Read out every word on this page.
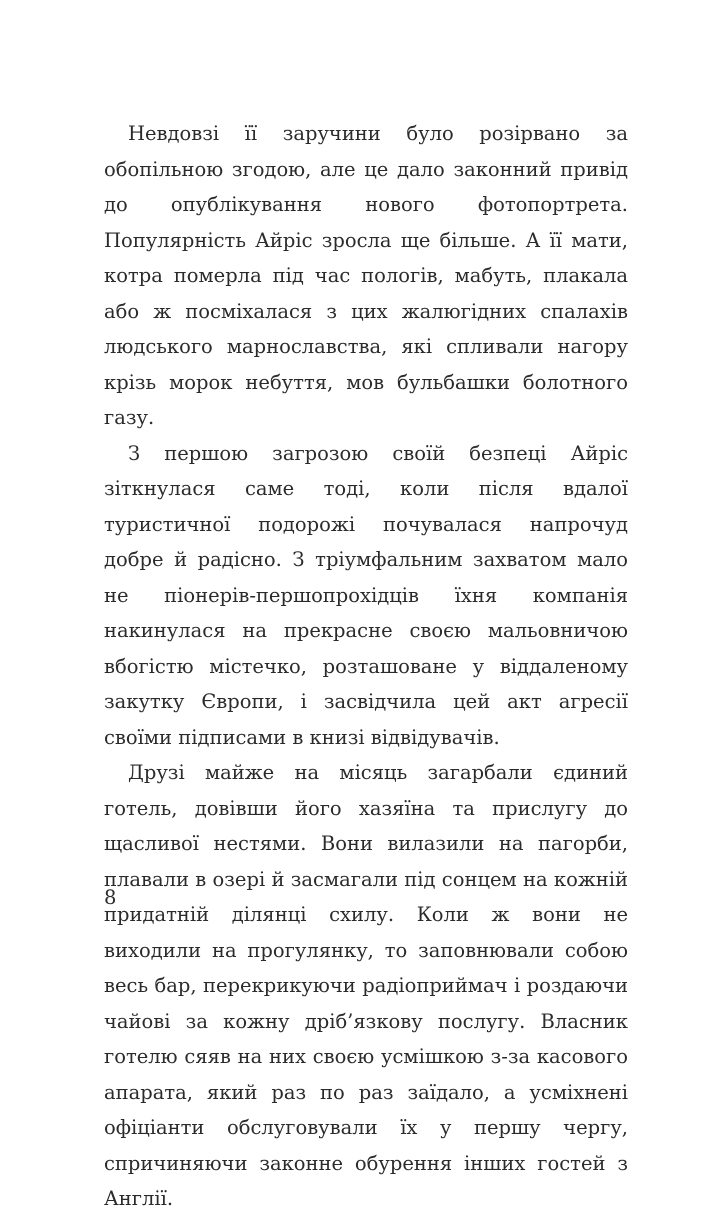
Невдовзі її заручини було розірвано за обопільною згодою, але це дало законний привід до опублікування нового фотопортрета. Популярність Айріс зросла ще більше. А її мати, котра померла під час пологів, мабуть, плакала або ж посміхалася з цих жалюгідних спалахів людського марнославства, які спливали нагору крізь морок небуття, мов бульбашки болотного газу.

З першою загрозою своїй безпеці Айріс зіткнулася саме тоді, коли після вдалої туристичної подорожі почувалася напрочуд добре й радісно. З тріумфальним захватом мало не піонерів-першопрохідців їхня компанія накинулася на прекрасне своєю мальовничою вбогістю містечко, розташоване у віддаленому закутку Європи, і засвідчила цей акт агресії своїми підписами в книзі відвідувачів.

Друзі майже на місяць загарбали єдиний готель, довівши його хазяїна та прислугу до щасливої нестями. Вони вилазили на пагорби, плавали в озері й засмагали під сонцем на кожній придатній ділянці схилу. Коли ж вони не виходили на прогулянку, то заповнювали собою весь бар, перекрикуючи радіоприймач і роздаючи чайові за кожну дріб’язкову послугу. Власник готелю сяяв на них своєю усмішкою з-за касового апарата, який раз по раз заїдало, а усміхнені офіціанти обслуговували їх у першу чергу, спричиняючи законне обурення інших гостей з Англії.

8
